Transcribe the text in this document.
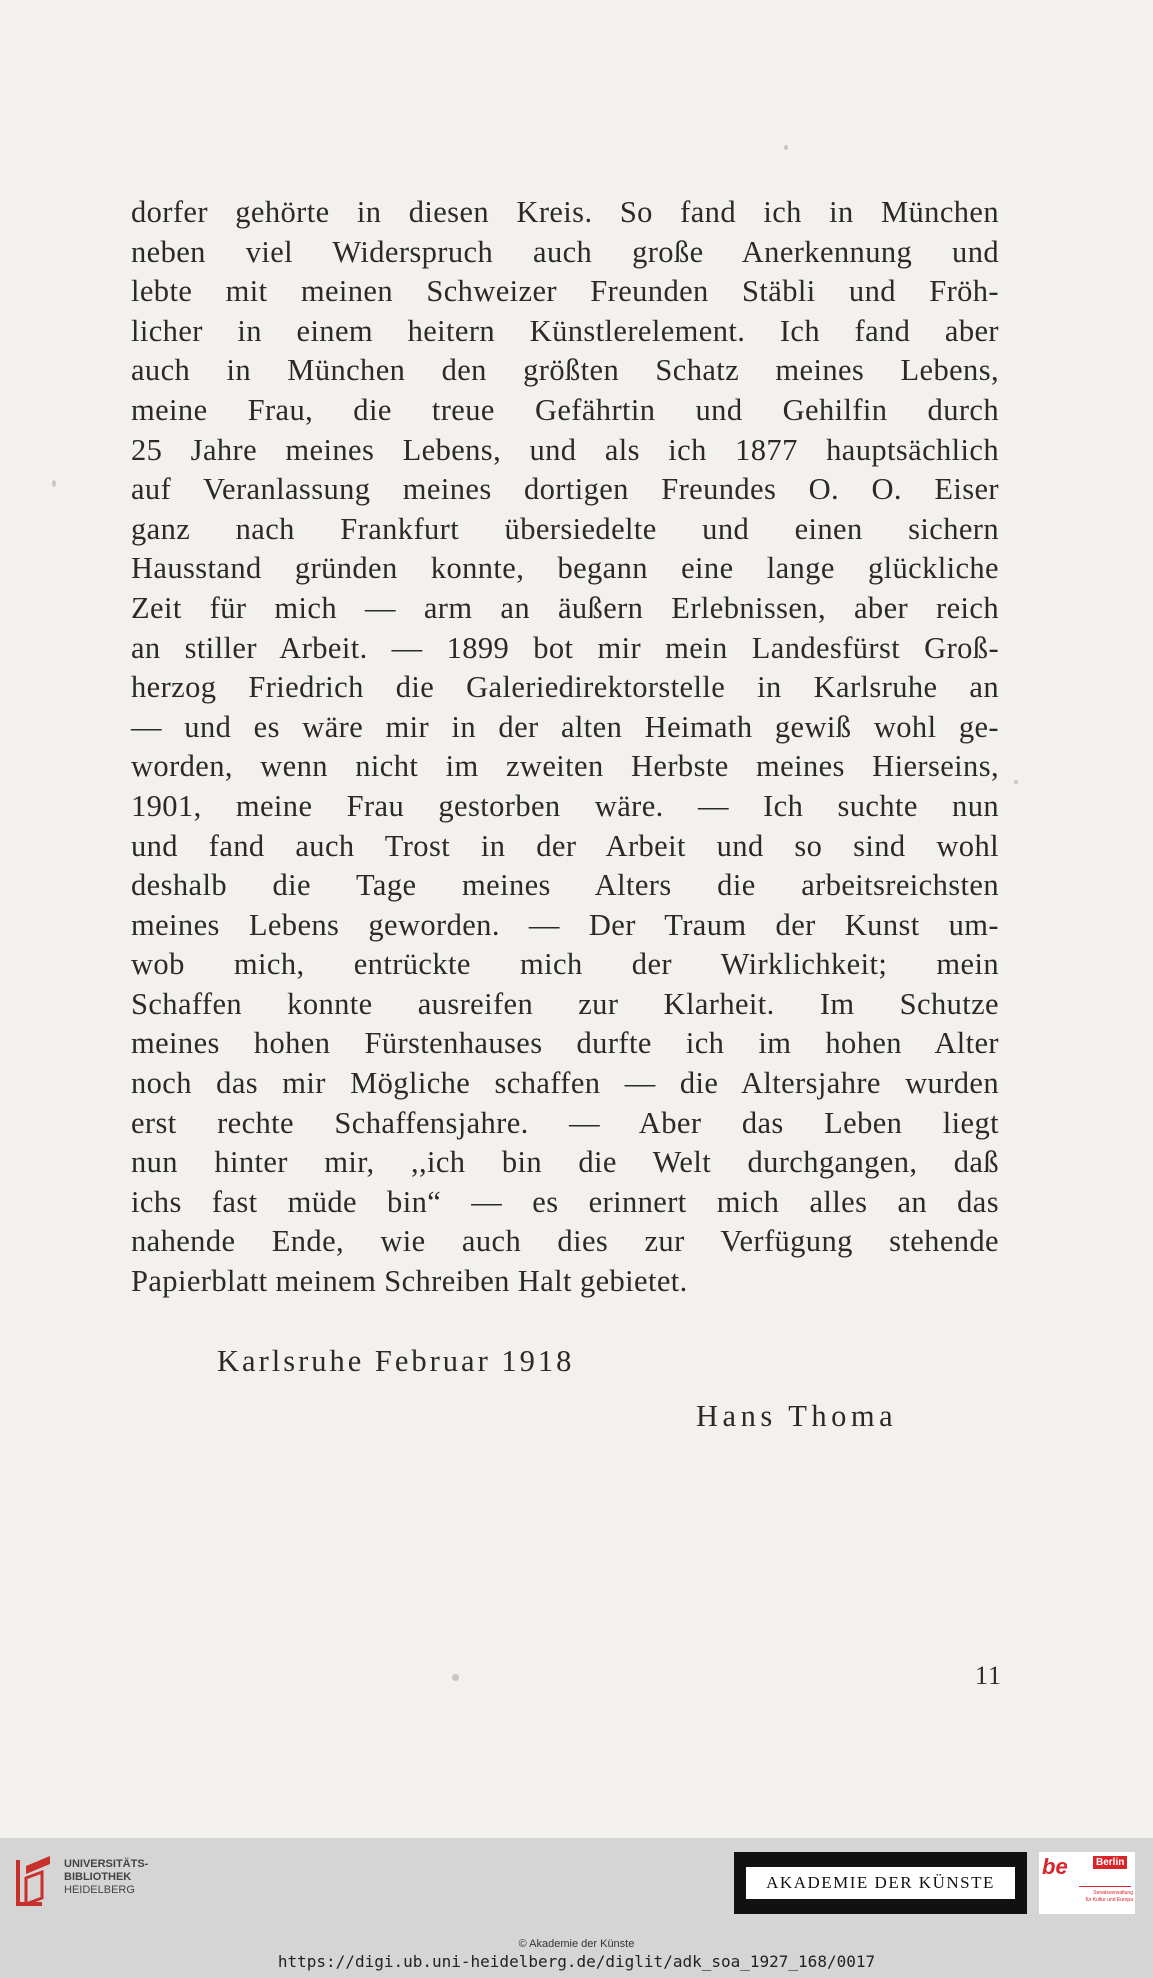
dorfer gehörte in diesen Kreis. So fand ich in München
neben viel Widerspruch auch große Anerkennung und
lebte mit meinen Schweizer Freunden Stäbli und Fröh-
licher in einem heitern Künstlerelement. Ich fand aber
auch in München den größten Schatz meines Lebens,
meine Frau, die treue Gefährtin und Gehilfin durch
25 Jahre meines Lebens, und als ich 1877 hauptsächlich
auf Veranlassung meines dortigen Freundes O. O. Eiser
ganz nach Frankfurt übersiedelte und einen sichern
Hausstand gründen konnte, begann eine lange glückliche
Zeit für mich — arm an äußern Erlebnissen, aber reich
an stiller Arbeit. — 1899 bot mir mein Landesfürst Groß-
herzog Friedrich die Galeriedirektorstelle in Karlsruhe an
— und es wäre mir in der alten Heimath gewiß wohl ge-
worden, wenn nicht im zweiten Herbste meines Hierseins,
1901, meine Frau gestorben wäre. — Ich suchte nun
und fand auch Trost in der Arbeit und so sind wohl
deshalb die Tage meines Alters die arbeitsreichsten
meines Lebens geworden. — Der Traum der Kunst um-
wob mich, entrückte mich der Wirklichkeit; mein
Schaffen konnte ausreifen zur Klarheit. Im Schutze
meines hohen Fürstenhauses durfte ich im hohen Alter
noch das mir Mögliche schaffen — die Altersjahre wurden
erst rechte Schaffensjahre. — Aber das Leben liegt
nun hinter mir, ,,ich bin die Welt durchgangen, daß
ichs fast müde bin“ — es erinnert mich alles an das
nahende Ende, wie auch dies zur Verfügung stehende
Papierblatt meinem Schreiben Halt gebietet.
Karlsruhe Februar 1918
Hans Thoma
11
UNIVERSITÄTS-
BIBLIOTHEK
HEIDELBERG	AKADEMIE DER KÜNSTE
be	Berlin
Senatsverwaltung
für Kultur und Europa
© Akademie der Künste
https://digi.ub.uni-heidelberg.de/diglit/adk_soa_1927_168/0017
